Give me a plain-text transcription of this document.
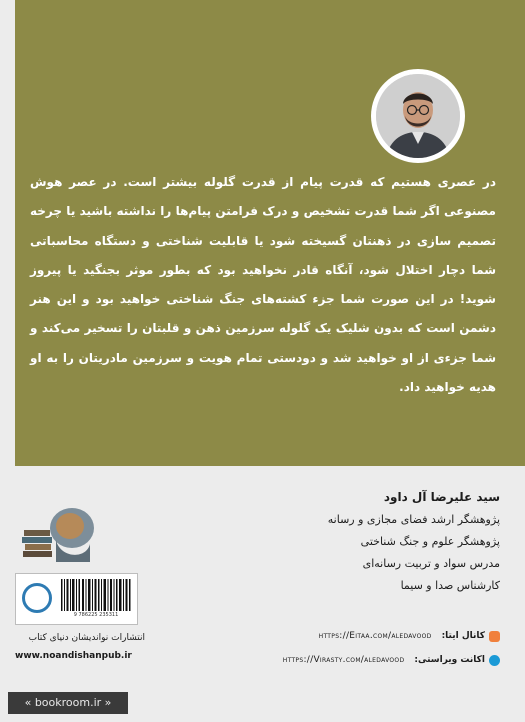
در عصری هستیم که قدرت پیام از قدرت گلوله بیشتر است. در عصر هوش مصنوعی اگر شما قدرت تشخیص و درک فرامتن پیام‌ها را نداشته باشید یا چرخه تصمیم سازی در ذهنتان گسیخته شود یا قابلیت شناختی و دستگاه محاسباتی شما دچار اختلال شود، آنگاه قادر نخواهید بود که بطور موثر بجنگید یا پیروز شوید! در این صورت شما جزء کشته‌های جنگ شناختی خواهید بود و این هنر دشمن است که بدون شلیک یک گلوله سرزمین ذهن و قلبتان را تسخیر می‌کند و شما جزءی از او خواهید شد و دودستی تمام هویت و سرزمین مادریتان را به او هدیه خواهید داد.
سید علیرضا آل داود
پژوهشگر ارشد فضای مجازی و رسانه
پژوهشگر علوم و جنگ شناختی
مدرس سواد و تربیت رسانه‌ای
کارشناس صدا و سیما
کانال ایتا:
https://Eitaa.com/aledavood
اکانت ویراستی:
https://Virasty.com/aledavood
9 786225 235311
انتشارات نواندیشان دنیای کتاب
www.noandishanpub.ir
« bookroom.ir »
